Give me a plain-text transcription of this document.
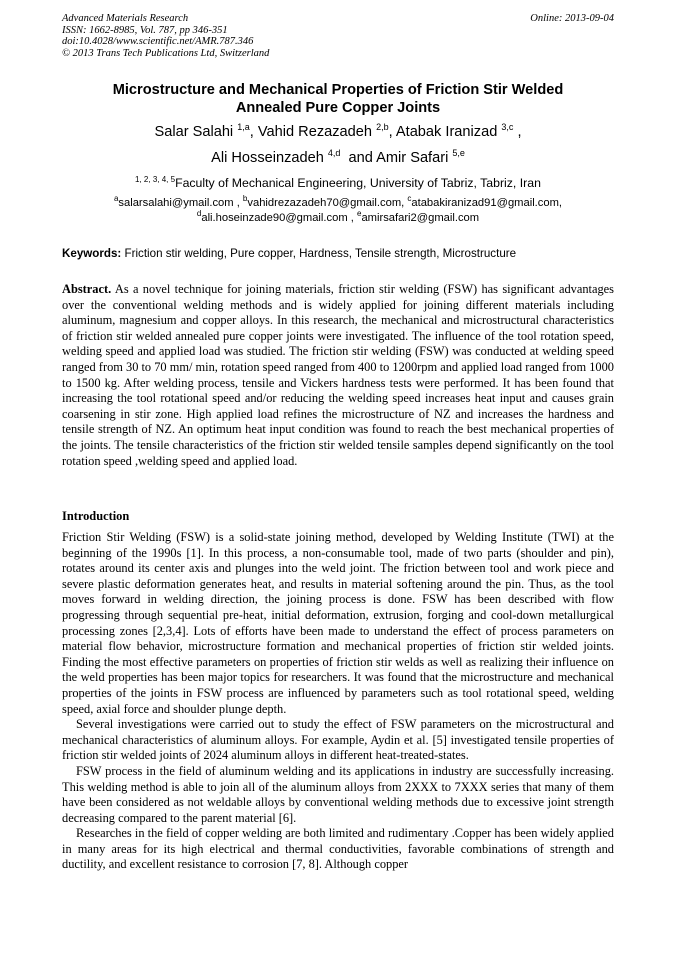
Advanced Materials Research
ISSN: 1662-8985, Vol. 787, pp 346-351
doi:10.4028/www.scientific.net/AMR.787.346
© 2013 Trans Tech Publications Ltd, Switzerland
Online: 2013-09-04
Microstructure and Mechanical Properties of Friction Stir Welded
Annealed Pure Copper Joints
Salar Salahi $^{1,a}$, Vahid Rezazadeh $^{2,b}$, Atabak Iranizad $^{3,c}$ ,
Ali Hosseinzadeh $^{4,d}$ and Amir Safari $^{5,e}$
$^{1, 2, 3, 4, 5}$Faculty of Mechanical Engineering, University of Tabriz, Tabriz, Iran
$^a$salarsalahi@ymail.com , $^b$vahidrezazadeh70@gmail.com, $^c$atabakiranizad91@gmail.com,
$^d$ali.hoseinzade90@gmail.com , $^e$amirsafari2@gmail.com
Keywords: Friction stir welding, Pure copper, Hardness, Tensile strength, Microstructure

Abstract. As a novel technique for joining materials, friction stir welding (FSW) has significant advantages over the conventional welding methods and is widely applied for joining different materials including aluminum, magnesium and copper alloys. In this research, the mechanical and microstructural characteristics of friction stir welded annealed pure copper joints were investigated. The influence of the tool rotation speed, welding speed and applied load was studied. The friction stir welding (FSW) was conducted at welding speed ranged from 30 to 70 mm/ min, rotation speed ranged from 400 to 1200rpm and applied load ranged from 1000 to 1500 kg. After welding process, tensile and Vickers hardness tests were performed. It has been found that increasing the tool rotational speed and/or reducing the welding speed increases heat input and causes grain coarsening in stir zone. High applied load refines the microstructure of NZ and increases the hardness and tensile strength of NZ. An optimum heat input condition was found to reach the best mechanical properties of the joints. The tensile characteristics of the friction stir welded tensile samples depend significantly on the tool rotation speed ,welding speed and applied load.

Introduction

Friction Stir Welding (FSW) is a solid-state joining method, developed by Welding Institute (TWI) at the beginning of the 1990s [1]. In this process, a non-consumable tool, made of two parts (shoulder and pin), rotates around its center axis and plunges into the weld joint. The friction between tool and work piece and severe plastic deformation generates heat, and results in material softening around the pin. Thus, as the tool moves forward in welding direction, the joining process is done. FSW has been described with flow progressing through sequential pre-heat, initial deformation, extrusion, forging and cool-down metallurgical processing zones [2,3,4]. Lots of efforts have been made to understand the effect of process parameters on material flow behavior, microstructure formation and mechanical properties of friction stir welded joints. Finding the most effective parameters on properties of friction stir welds as well as realizing their influence on the weld properties has been major topics for researchers. It was found that the microstructure and mechanical properties of the joints in FSW process are influenced by parameters such as tool rotational speed, welding speed, axial force and shoulder plunge depth.

Several investigations were carried out to study the effect of FSW parameters on the microstructural and mechanical characteristics of aluminum alloys. For example, Aydin et al. [5] investigated tensile properties of friction stir welded joints of 2024 aluminum alloys in different heat-treated-states.

FSW process in the field of aluminum welding and its applications in industry are successfully increasing. This welding method is able to join all of the aluminum alloys from 2XXX to 7XXX series that many of them have been considered as not weldable alloys by conventional welding methods due to excessive joint strength decreasing compared to the parent material [6].

Researches in the field of copper welding are both limited and rudimentary .Copper has been widely applied in many areas for its high electrical and thermal conductivities, favorable combinations of strength and ductility, and excellent resistance to corrosion [7, 8]. Although copper
